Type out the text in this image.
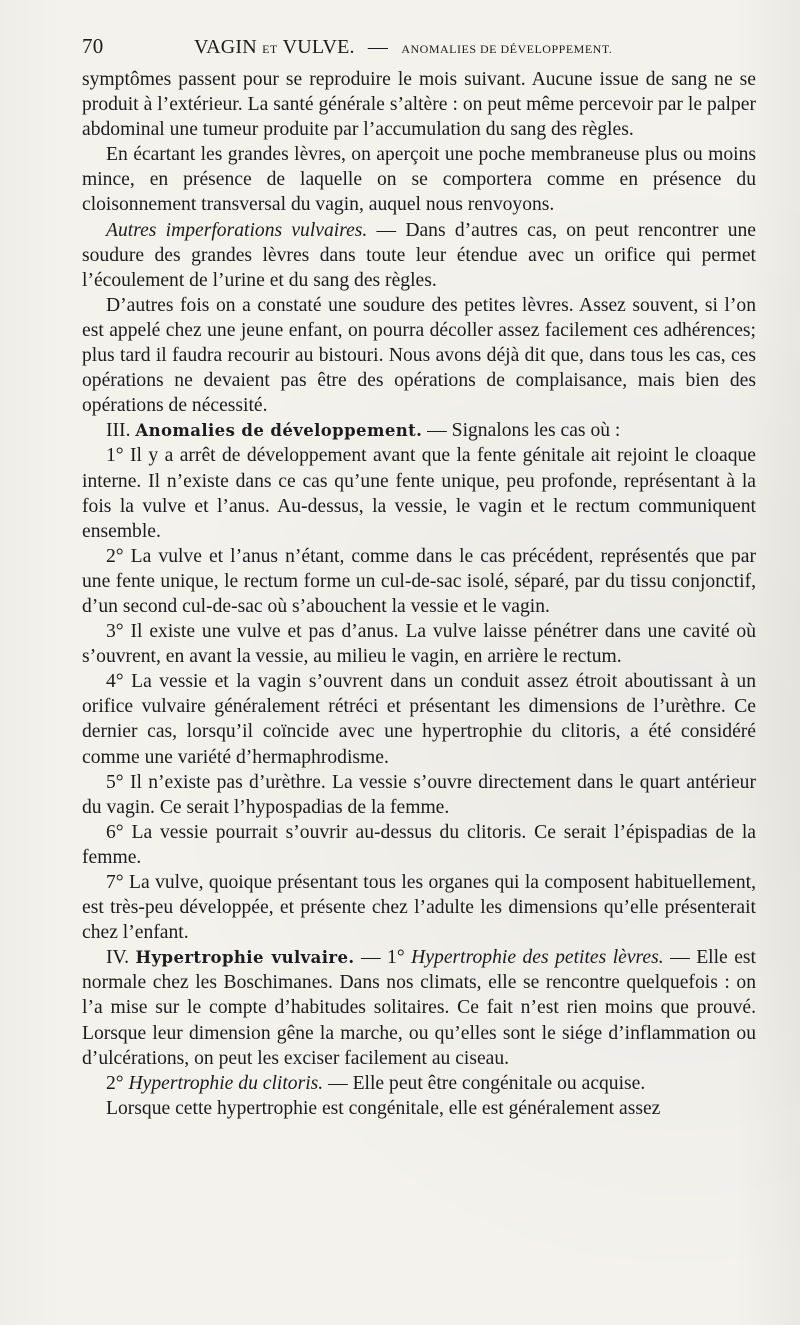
70	VAGIN ET VULVE. — ANOMALIES DE DÉVELOPPEMENT.

symptômes passent pour se reproduire le mois suivant. Aucune issue de sang ne se produit à l’extérieur. La santé générale s’altère : on peut même percevoir par le palper abdominal une tumeur produite par l’accumulation du sang des règles.

En écartant les grandes lèvres, on aperçoit une poche membraneuse plus ou moins mince, en présence de laquelle on se comportera comme en présence du cloisonnement transversal du vagin, auquel nous renvoyons.

Autres imperforations vulvaires. — Dans d’autres cas, on peut rencontrer une soudure des grandes lèvres dans toute leur étendue avec un orifice qui permet l’écoulement de l’urine et du sang des règles.

D’autres fois on a constaté une soudure des petites lèvres. Assez souvent, si l’on est appelé chez une jeune enfant, on pourra décoller assez facilement ces adhérences; plus tard il faudra recourir au bistouri. Nous avons déjà dit que, dans tous les cas, ces opérations ne devaient pas être des opérations de complaisance, mais bien des opérations de nécessité.

III. Anomalies de développement. — Signalons les cas où :

1° Il y a arrêt de développement avant que la fente génitale ait rejoint le cloaque interne. Il n’existe dans ce cas qu’une fente unique, peu profonde, représentant à la fois la vulve et l’anus. Au-dessus, la vessie, le vagin et le rectum communiquent ensemble.

2° La vulve et l’anus n’étant, comme dans le cas précédent, représentés que par une fente unique, le rectum forme un cul-de-sac isolé, séparé, par du tissu conjonctif, d’un second cul-de-sac où s’abouchent la vessie et le vagin.

3° Il existe une vulve et pas d’anus. La vulve laisse pénétrer dans une cavité où s’ouvrent, en avant la vessie, au milieu le vagin, en arrière le rectum.

4° La vessie et la vagin s’ouvrent dans un conduit assez étroit aboutissant à un orifice vulvaire généralement rétréci et présentant les dimensions de l’urèthre. Ce dernier cas, lorsqu’il coïncide avec une hypertrophie du clitoris, a été considéré comme une variété d’hermaphrodisme.

5° Il n’existe pas d’urèthre. La vessie s’ouvre directement dans le quart antérieur du vagin. Ce serait l’hypospadias de la femme.

6° La vessie pourrait s’ouvrir au-dessus du clitoris. Ce serait l’épispadias de la femme.

7° La vulve, quoique présentant tous les organes qui la composent habituellement, est très-peu développée, et présente chez l’adulte les dimensions qu’elle présenterait chez l’enfant.

IV. Hypertrophie vulvaire. — 1° Hypertrophie des petites lèvres. — Elle est normale chez les Boschimanes. Dans nos climats, elle se rencontre quelquefois : on l’a mise sur le compte d’habitudes solitaires. Ce fait n’est rien moins que prouvé. Lorsque leur dimension gêne la marche, ou qu’elles sont le siége d’inflammation ou d’ulcérations, on peut les exciser facilement au ciseau.

2° Hypertrophie du clitoris. — Elle peut être congénitale ou acquise.

Lorsque cette hypertrophie est congénitale, elle est généralement assez
